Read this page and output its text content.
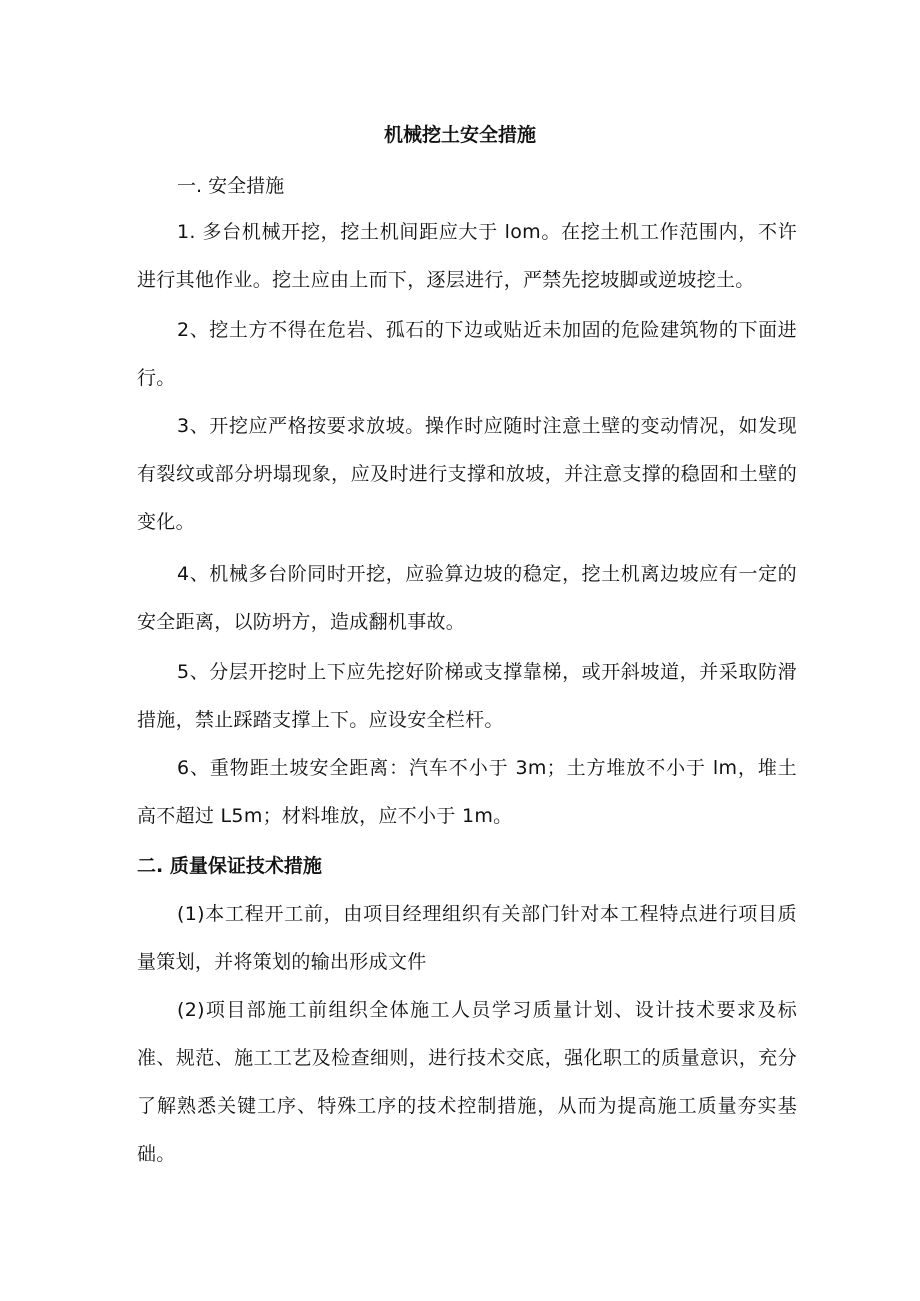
机械挖土安全措施
一. 安全措施
1. 多台机械开挖，挖土机间距应大于 lom。在挖土机工作范围内，不许进行其他作业。挖土应由上而下，逐层进行，严禁先挖坡脚或逆坡挖土。
2、挖土方不得在危岩、孤石的下边或贴近未加固的危险建筑物的下面进行。
3、开挖应严格按要求放坡。操作时应随时注意土壁的变动情况，如发现有裂纹或部分坍塌现象，应及时进行支撑和放坡，并注意支撑的稳固和土壁的变化。
4、机械多台阶同时开挖，应验算边坡的稳定，挖土机离边坡应有一定的安全距离，以防坍方，造成翻机事故。
5、分层开挖时上下应先挖好阶梯或支撑靠梯，或开斜坡道，并采取防滑措施，禁止踩踏支撑上下。应设安全栏杆。
6、重物距土坡安全距离：汽车不小于 3m；土方堆放不小于 lm，堆土高不超过 L5m；材料堆放，应不小于 1m。
二. 质量保证技术措施
(1)本工程开工前，由项目经理组织有关部门针对本工程特点进行项目质量策划，并将策划的输出形成文件
(2)项目部施工前组织全体施工人员学习质量计划、设计技术要求及标准、规范、施工工艺及检查细则，进行技术交底，强化职工的质量意识，充分了解熟悉关键工序、特殊工序的技术控制措施，从而为提高施工质量夯实基础。
